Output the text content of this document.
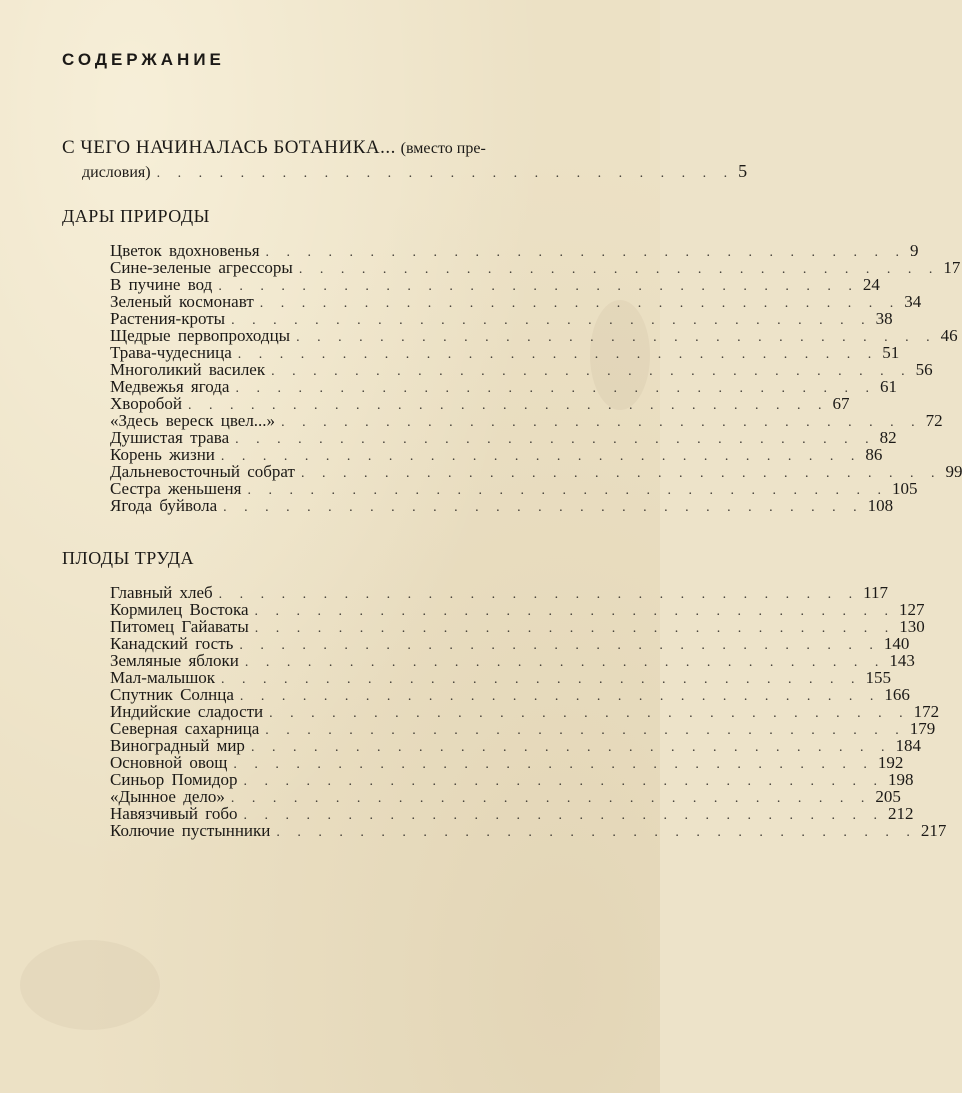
СОДЕРЖАНИЕ
С ЧЕГО НАЧИНАЛАСЬ БОТАНИКА... (вместо пре-
дисловия) . . . . . . . . . . . . . . . . . . . . . . . . . . . . 5
ДАРЫ ПРИРОДЫ
Цветок вдохновенья . . . . . . . . . . . . . . . . . . . . . . . . . . . . . . . 9
Сине-зеленые агрессоры . . . . . . . . . . . . . . . . . . . . . . . . . . . . . . . 17
В пучине вод . . . . . . . . . . . . . . . . . . . . . . . . . . . . . . . 24
Зеленый космонавт . . . . . . . . . . . . . . . . . . . . . . . . . . . . . . . 34
Растения-кроты . . . . . . . . . . . . . . . . . . . . . . . . . . . . . . . 38
Щедрые первопроходцы . . . . . . . . . . . . . . . . . . . . . . . . . . . . . . . 46
Трава-чудесница . . . . . . . . . . . . . . . . . . . . . . . . . . . . . . . 51
Многоликий василек . . . . . . . . . . . . . . . . . . . . . . . . . . . . . . . 56
Медвежья ягода . . . . . . . . . . . . . . . . . . . . . . . . . . . . . . . 61
Хворобой . . . . . . . . . . . . . . . . . . . . . . . . . . . . . . . 67
«Здесь вереск цвел...» . . . . . . . . . . . . . . . . . . . . . . . . . . . . . . . 72
Душистая трава . . . . . . . . . . . . . . . . . . . . . . . . . . . . . . . 82
Корень жизни . . . . . . . . . . . . . . . . . . . . . . . . . . . . . . . 86
Дальневосточный собрат . . . . . . . . . . . . . . . . . . . . . . . . . . . . . . . 99
Сестра женьшеня . . . . . . . . . . . . . . . . . . . . . . . . . . . . . . . 105
Ягода буйвола . . . . . . . . . . . . . . . . . . . . . . . . . . . . . . . 108
ПЛОДЫ ТРУДА
Главный хлеб . . . . . . . . . . . . . . . . . . . . . . . . . . . . . . . 117
Кормилец Востока . . . . . . . . . . . . . . . . . . . . . . . . . . . . . . . 127
Питомец Гайаваты . . . . . . . . . . . . . . . . . . . . . . . . . . . . . . . 130
Канадский гость . . . . . . . . . . . . . . . . . . . . . . . . . . . . . . . 140
Земляные яблоки . . . . . . . . . . . . . . . . . . . . . . . . . . . . . . . 143
Мал-малышок . . . . . . . . . . . . . . . . . . . . . . . . . . . . . . . 155
Спутник Солнца . . . . . . . . . . . . . . . . . . . . . . . . . . . . . . . 166
Индийские сладости . . . . . . . . . . . . . . . . . . . . . . . . . . . . . . . 172
Северная сахарница . . . . . . . . . . . . . . . . . . . . . . . . . . . . . . . 179
Виноградный мир . . . . . . . . . . . . . . . . . . . . . . . . . . . . . . . 184
Основной овощ . . . . . . . . . . . . . . . . . . . . . . . . . . . . . . . 192
Синьор Помидор . . . . . . . . . . . . . . . . . . . . . . . . . . . . . . . 198
«Дынное дело» . . . . . . . . . . . . . . . . . . . . . . . . . . . . . . . 205
Навязчивый гобо . . . . . . . . . . . . . . . . . . . . . . . . . . . . . . . 212
Колючие пустынники . . . . . . . . . . . . . . . . . . . . . . . . . . . . . . . 217
